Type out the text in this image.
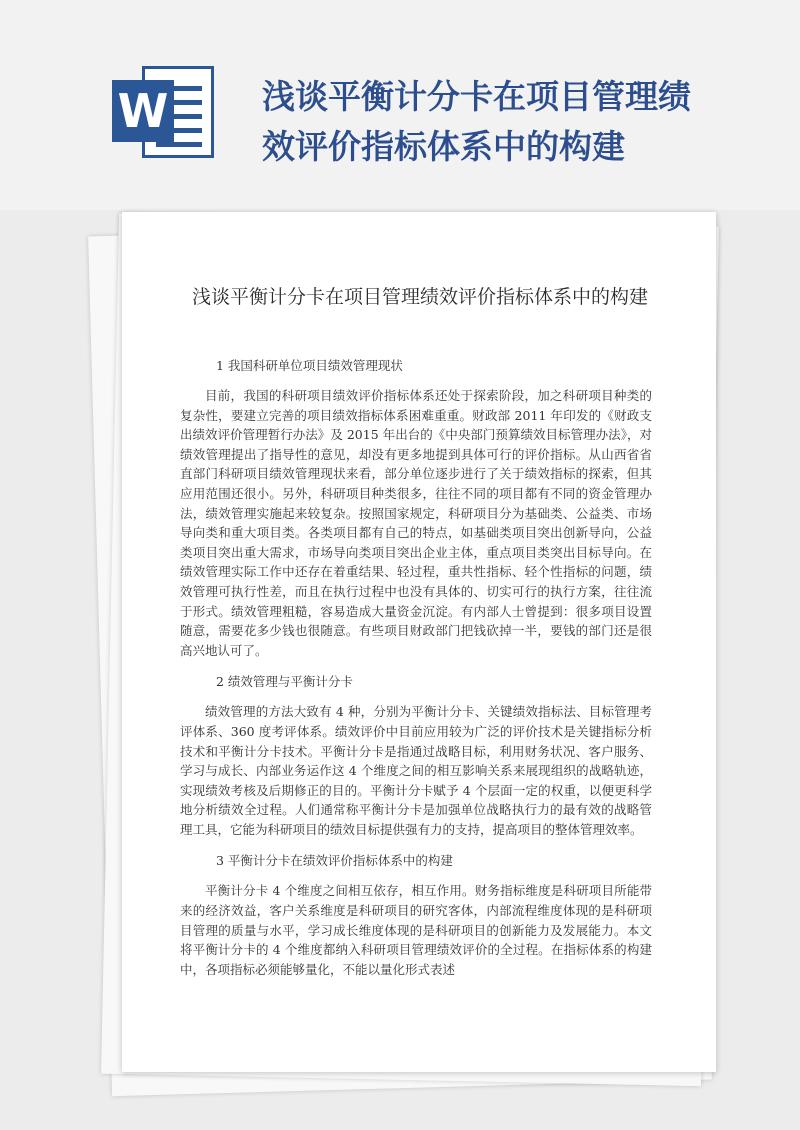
W	浅谈平衡计分卡在项目管理绩效评价指标体系中的构建
浅谈平衡计分卡在项目管理绩效评价指标体系中的构建
1 我国科研单位项目绩效管理现状
目前，我国的科研项目绩效评价指标体系还处于探索阶段，加之科研项目种类的复杂性，要建立完善的项目绩效指标体系困难重重。财政部 2011 年印发的《财政支出绩效评价管理暂行办法》及 2015 年出台的《中央部门预算绩效目标管理办法》，对绩效管理提出了指导性的意见，却没有更多地提到具体可行的评价指标。从山西省省直部门科研项目绩效管理现状来看，部分单位逐步进行了关于绩效指标的探索，但其应用范围还很小。另外，科研项目种类很多，往往不同的项目都有不同的资金管理办法，绩效管理实施起来较复杂。按照国家规定，科研项目分为基础类、公益类、市场导向类和重大项目类。各类项目都有自己的特点，如基础类项目突出创新导向，公益类项目突出重大需求，市场导向类项目突出企业主体，重点项目类突出目标导向。在绩效管理实际工作中还存在着重结果、轻过程，重共性指标、轻个性指标的问题，绩效管理可执行性差，而且在执行过程中也没有具体的、切实可行的执行方案，往往流于形式。绩效管理粗糙，容易造成大量资金沉淀。有内部人士曾提到：很多项目设置随意，需要花多少钱也很随意。有些项目财政部门把钱砍掉一半，要钱的部门还是很高兴地认可了。
2 绩效管理与平衡计分卡
绩效管理的方法大致有 4 种，分别为平衡计分卡、关键绩效指标法、目标管理考评体系、360 度考评体系。绩效评价中目前应用较为广泛的评价技术是关键指标分析技术和平衡计分卡技术。平衡计分卡是指通过战略目标，利用财务状况、客户服务、学习与成长、内部业务运作这 4 个维度之间的相互影响关系来展现组织的战略轨迹，实现绩效考核及后期修正的目的。平衡计分卡赋予 4 个层面一定的权重，以便更科学地分析绩效全过程。人们通常称平衡计分卡是加强单位战略执行力的最有效的战略管理工具，它能为科研项目的绩效目标提供强有力的支持，提高项目的整体管理效率。
3 平衡计分卡在绩效评价指标体系中的构建
平衡计分卡 4 个维度之间相互依存，相互作用。财务指标维度是科研项目所能带来的经济效益，客户关系维度是科研项目的研究客体，内部流程维度体现的是科研项目管理的质量与水平，学习成长维度体现的是科研项目的创新能力及发展能力。本文将平衡计分卡的 4 个维度都纳入科研项目管理绩效评价的全过程。在指标体系的构建中，各项指标必须能够量化，不能以量化形式表述
